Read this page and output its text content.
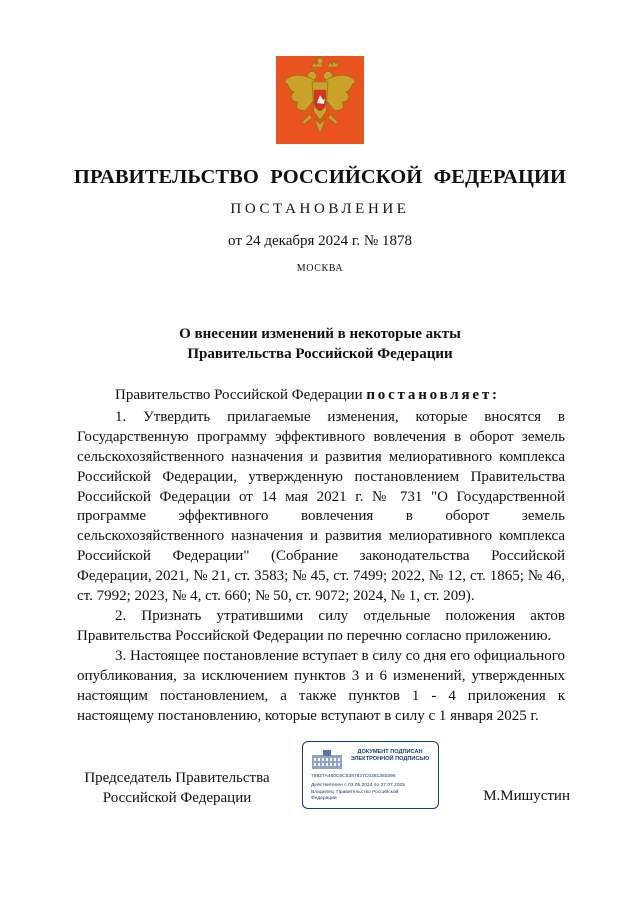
ПРАВИТЕЛЬСТВО РОССИЙСКОЙ ФЕДЕРАЦИИ
ПОСТАНОВЛЕНИЕ
от 24 декабря 2024 г. № 1878
МОСКВА
О внесении изменений в некоторые акты
Правительства Российской Федерации

Правительство Российской Федерации постановляет:

1. Утвердить прилагаемые изменения, которые вносятся в Государственную программу эффективного вовлечения в оборот земель сельскохозяйственного назначения и развития мелиоративного комплекса Российской Федерации, утвержденную постановлением Правительства Российской Федерации от 14 мая 2021 г. № 731 "О Государственной программе эффективного вовлечения в оборот земель сельскохозяйственного назначения и развития мелиоративного комплекса Российской Федерации" (Собрание законодательства Российской Федерации, 2021, № 21, ст. 3583; № 45, ст. 7499; 2022, № 12, ст. 1865; № 46, ст. 7992; 2023, № 4, ст. 660; № 50, ст. 9072; 2024, № 1, ст. 209).

2. Признать утратившими силу отдельные положения актов Правительства Российской Федерации по перечню согласно приложению.

3. Настоящее постановление вступает в силу со дня его официального опубликования, за исключением пунктов 3 и 6 изменений, утвержденных настоящим постановлением, а также пунктов 1 - 4 приложения к настоящему постановлению, которые вступают в силу с 1 января 2025 г.

Председатель Правительства
Российской Федерации
ДОКУМЕНТ ПОДПИСАН
ЭЛЕКТРОННОЙ ПОДПИСЬЮ
78827A460C6C6387837C0361350396
Действителен с 03.05.2024 по 27.07.2025
Владелец: Правительство Российской
Федерации	М.Мишустин
